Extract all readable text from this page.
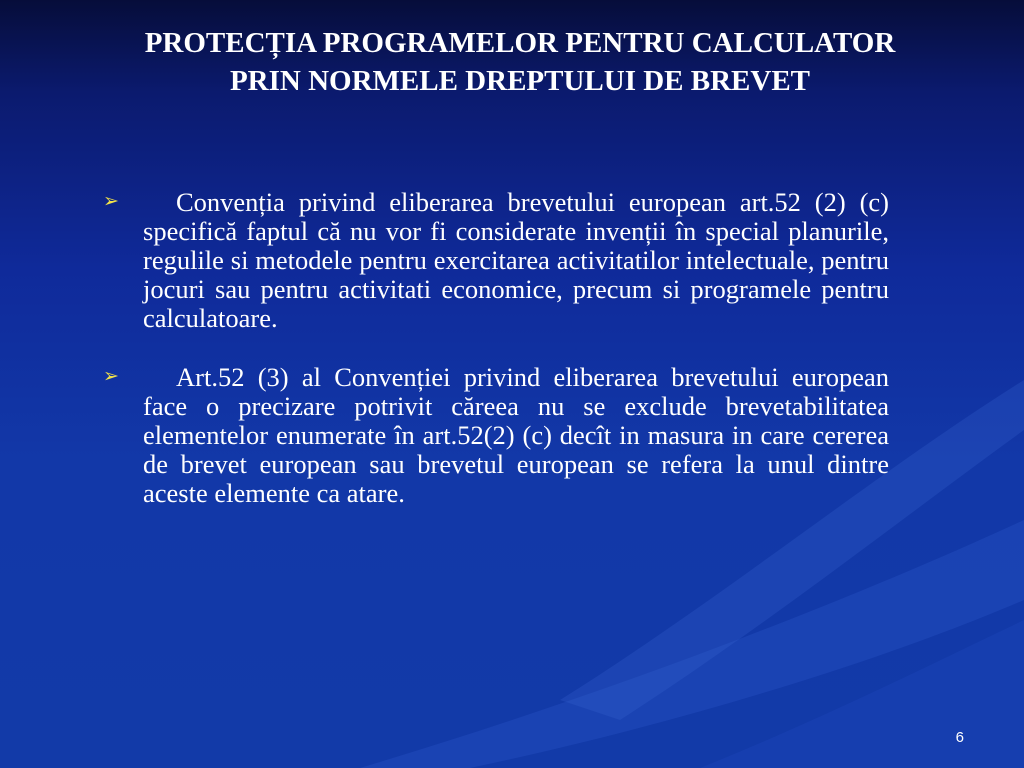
PROTECȚIA PROGRAMELOR PENTRU CALCULATOR
PRIN NORMELE DREPTULUI DE BREVET
➢	Convenția privind eliberarea brevetului european art.52 (2) (c) specifică faptul că nu vor fi considerate invenții în special planurile, regulile si metodele pentru exercitarea activitatilor intelectuale, pentru jocuri sau pentru activitati economice, precum si programele pentru calculatoare.
➢	Art.52 (3) al Convenției privind eliberarea brevetului european face o precizare potrivit căreea nu se exclude brevetabilitatea elementelor enumerate în art.52(2) (c) decît in masura in care cererea de brevet european sau brevetul european se refera la unul dintre aceste elemente ca atare.
6
